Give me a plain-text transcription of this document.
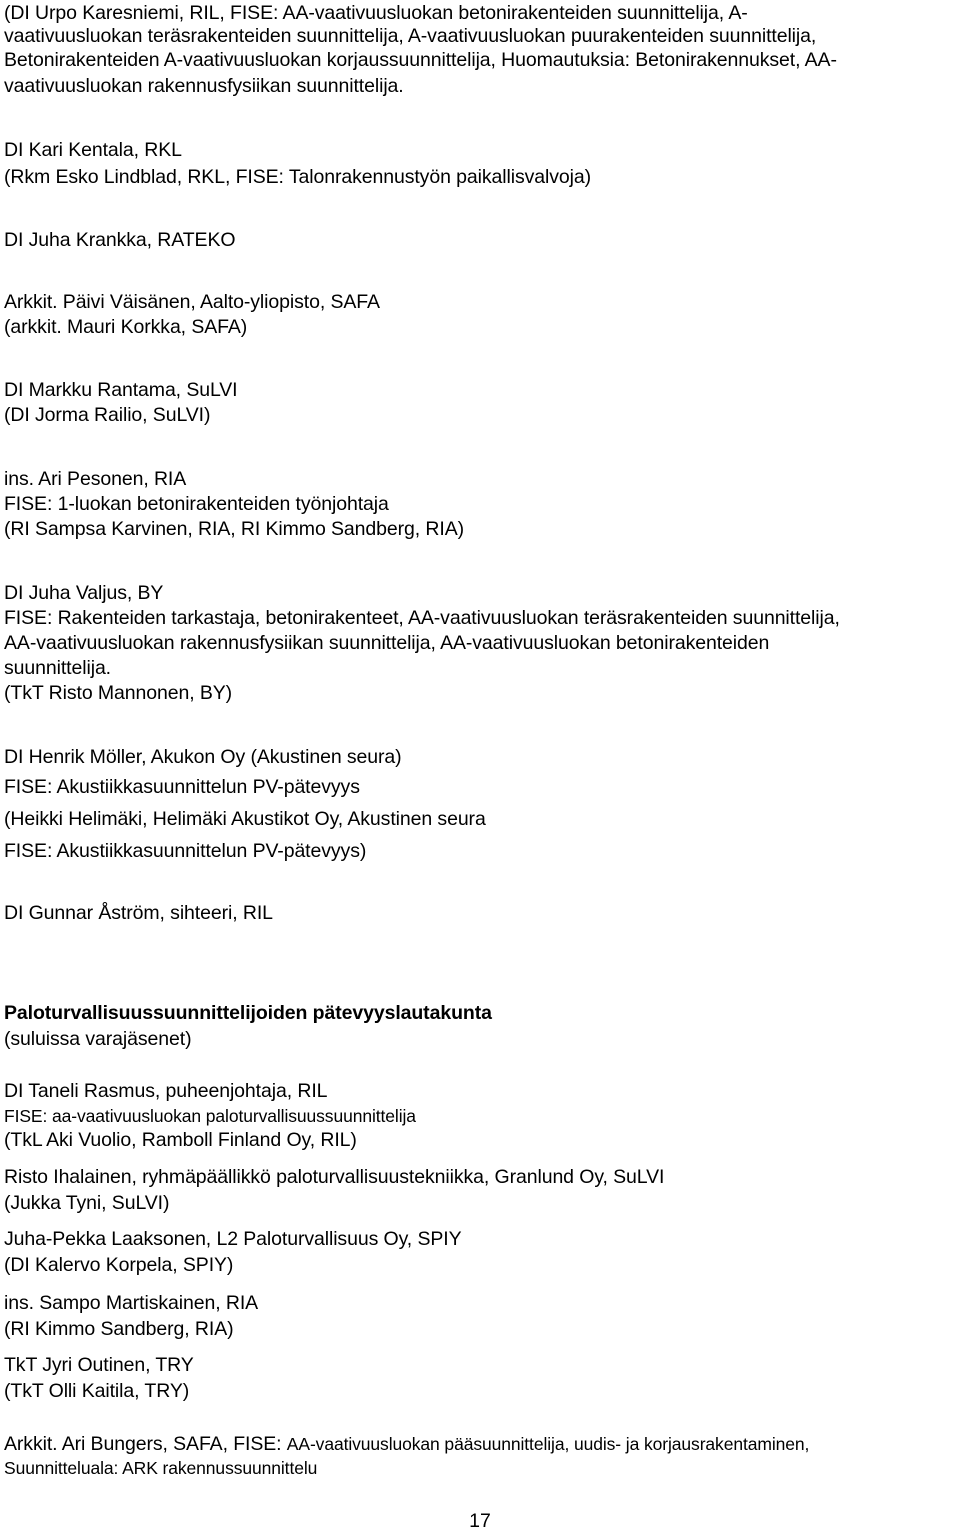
(DI Urpo Karesniemi, RIL, FISE: AA-vaativuusluokan betonirakenteiden suunnittelija, A-
vaativuusluokan teräsrakenteiden suunnittelija, A-vaativuusluokan puurakenteiden suunnittelija,
Betonirakenteiden A-vaativuusluokan korjaussuunnittelija, Huomautuksia: Betonirakennukset, AA-
vaativuusluokan rakennusfysiikan suunnittelija.
DI Kari Kentala, RKL
(Rkm Esko Lindblad, RKL, FISE: Talonrakennustyön paikallisvalvoja)
DI Juha Krankka, RATEKO
Arkkit. Päivi Väisänen, Aalto-yliopisto, SAFA
(arkkit. Mauri Korkka, SAFA)
DI Markku Rantama, SuLVI
(DI Jorma Railio, SuLVI)
ins. Ari Pesonen, RIA
FISE: 1-luokan betonirakenteiden työnjohtaja
(RI Sampsa Karvinen, RIA, RI Kimmo Sandberg, RIA)
DI Juha Valjus, BY
FISE: Rakenteiden tarkastaja, betonirakenteet, AA-vaativuusluokan teräsrakenteiden suunnittelija,
AA-vaativuusluokan rakennusfysiikan suunnittelija, AA-vaativuusluokan betonirakenteiden
suunnittelija.
(TkT Risto Mannonen, BY)
DI Henrik Möller, Akukon Oy (Akustinen seura)
FISE: Akustiikkasuunnittelun PV-pätevyys
(Heikki Helimäki, Helimäki Akustikot Oy, Akustinen seura
FISE: Akustiikkasuunnittelun PV-pätevyys)
DI Gunnar Åström, sihteeri, RIL
Paloturvallisuussuunnittelijoiden pätevyyslautakunta
(suluissa varajäsenet)
DI Taneli Rasmus, puheenjohtaja, RIL
FISE: aa-vaativuusluokan paloturvallisuussuunnittelija
(TkL Aki Vuolio, Ramboll Finland Oy, RIL)
Risto Ihalainen, ryhmäpäällikkö paloturvallisuustekniikka, Granlund Oy, SuLVI
(Jukka Tyni, SuLVI)
Juha-Pekka Laaksonen, L2 Paloturvallisuus Oy, SPIY
(DI Kalervo Korpela, SPIY)
ins. Sampo Martiskainen, RIA
(RI Kimmo Sandberg, RIA)
TkT Jyri Outinen, TRY
(TkT Olli Kaitila, TRY)
Arkkit. Ari Bungers, SAFA, FISE: AA-vaativuusluokan pääsuunnittelija, uudis- ja korjausrakentaminen,
Suunnitteluala: ARK rakennussuunnittelu
17
